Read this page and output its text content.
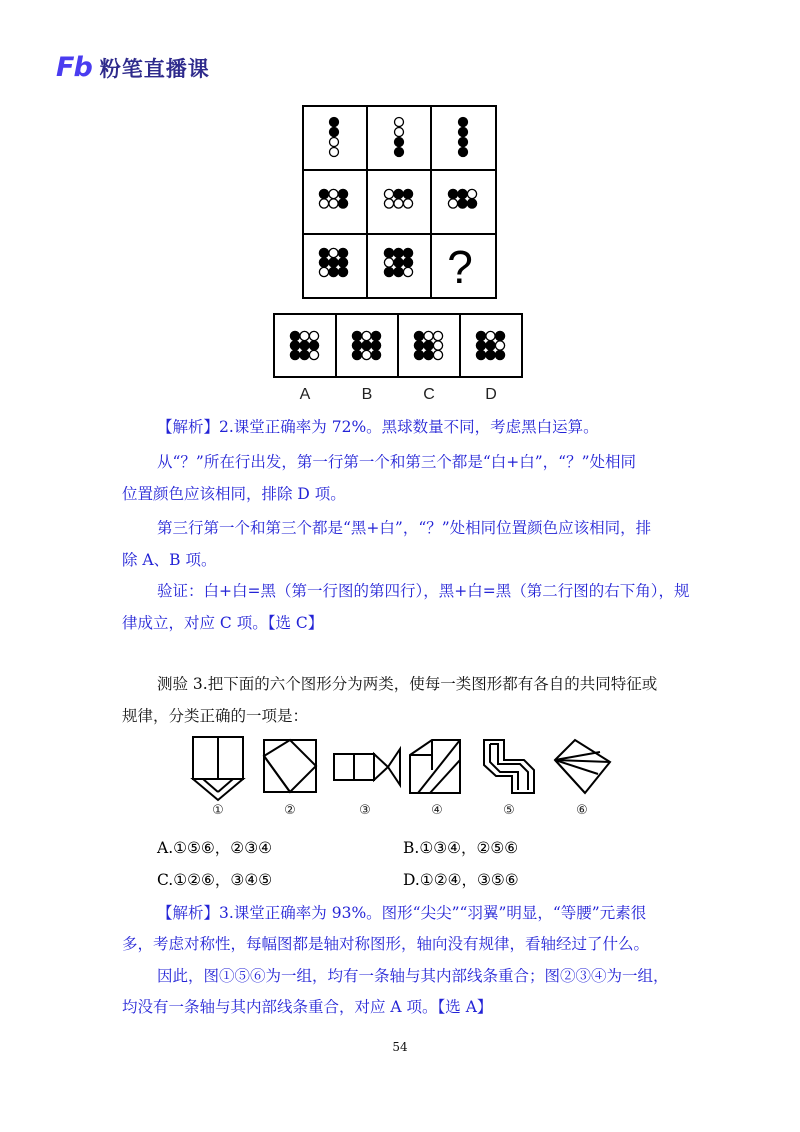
Fb 粉笔直播课
?
A	B	C	D
【解析】2.课堂正确率为 72%。黑球数量不同，考虑黑白运算。
从“？”所在行出发，第一行第一个和第三个都是“白+白”，“？”处相同
位置颜色应该相同，排除 D 项。
第三行第一个和第三个都是“黑+白”，“？”处相同位置颜色应该相同，排
除 A、B 项。
验证：白+白=黑（第一行图的第四行），黑+白=黑（第二行图的右下角），规
律成立，对应 C 项。【选 C】
测验 3.把下面的六个图形分为两类，使每一类图形都有各自的共同特征或
规律，分类正确的一项是：
①	②	③	④	⑤	⑥
A.①⑤⑥，②③④	B.①③④，②⑤⑥
C.①②⑥，③④⑤	D.①②④，③⑤⑥
【解析】3.课堂正确率为 93%。图形“尖尖”“羽翼”明显，“等腰”元素很
多，考虑对称性，每幅图都是轴对称图形，轴向没有规律，看轴经过了什么。
因此，图①⑤⑥为一组，均有一条轴与其内部线条重合；图②③④为一组，
均没有一条轴与其内部线条重合，对应 A 项。【选 A】
54
